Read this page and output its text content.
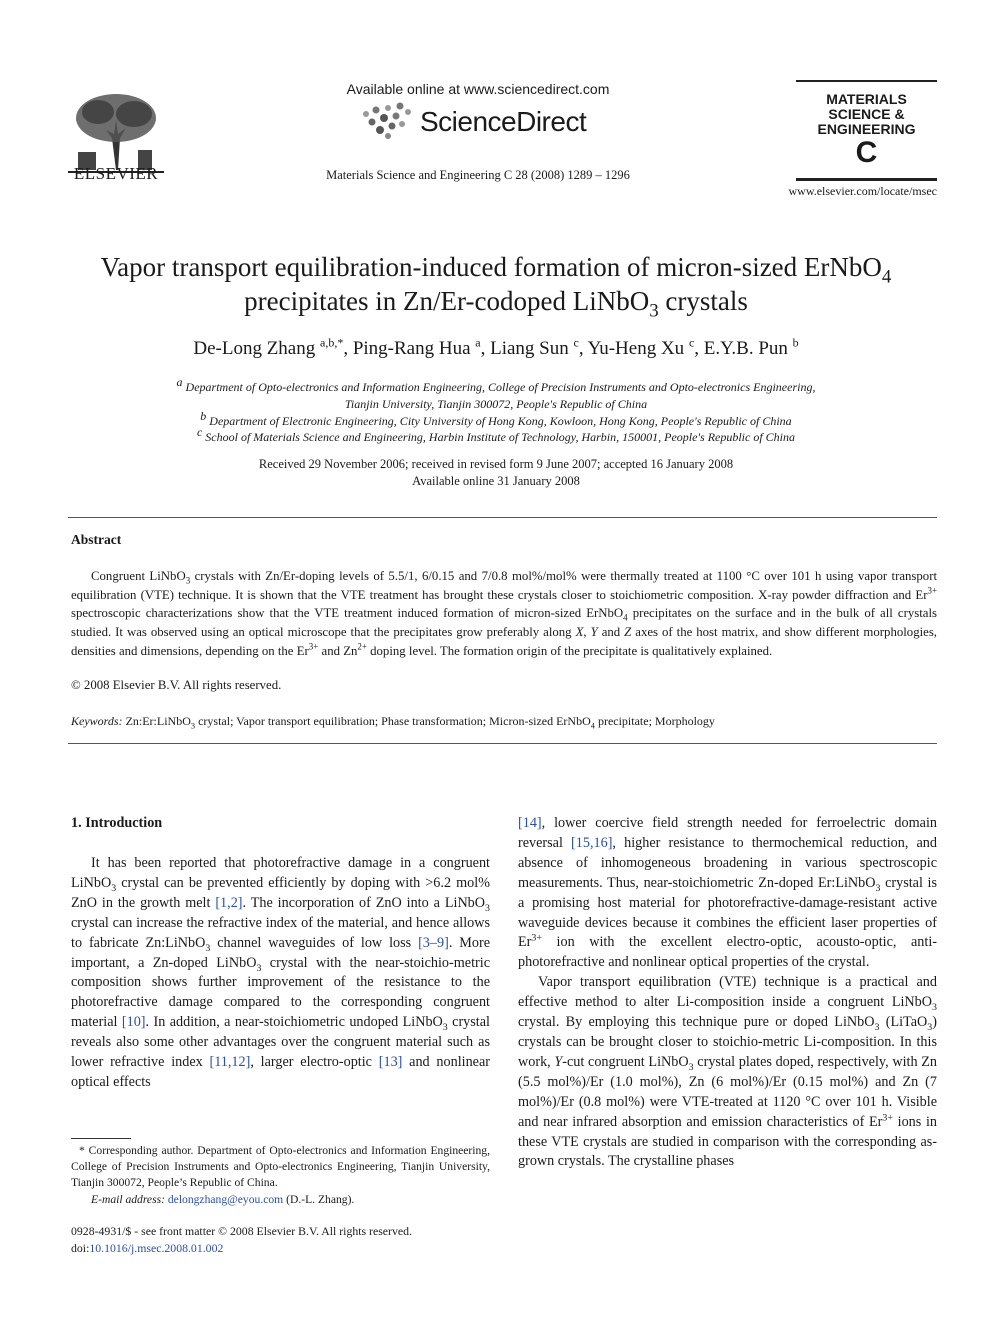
ELSEVIER
Available online at www.sciencedirect.com
ScienceDirect
Materials Science and Engineering C 28 (2008) 1289 – 1296
MATERIALS SCIENCE & ENGINEERING
C
www.elsevier.com/locate/msec
Vapor transport equilibration-induced formation of micron-sized ErNbO$_4$
precipitates in Zn/Er-codoped LiNbO$_3$ crystals
De-Long Zhang $^{a,b,*}$, Ping-Rang Hua $^a$, Liang Sun $^c$, Yu-Heng Xu $^c$, E.Y.B. Pun $^b$
$^a$ Department of Opto-electronics and Information Engineering, College of Precision Instruments and Opto-electronics Engineering,
Tianjin University, Tianjin 300072, People's Republic of China
$^b$ Department of Electronic Engineering, City University of Hong Kong, Kowloon, Hong Kong, People's Republic of China
$^c$ School of Materials Science and Engineering, Harbin Institute of Technology, Harbin, 150001, People's Republic of China
Received 29 November 2006; received in revised form 9 June 2007; accepted 16 January 2008
Available online 31 January 2008
Abstract

Congruent LiNbO$_3$ crystals with Zn/Er-doping levels of 5.5/1, 6/0.15 and 7/0.8 mol%/mol% were thermally treated at 1100 °C over 101 h using vapor transport equilibration (VTE) technique. It is shown that the VTE treatment has brought these crystals closer to stoichiometric composition. X-ray powder diffraction and $Er^{3+}$ spectroscopic characterizations show that the VTE treatment induced formation of micron-sized ErNbO$_4$ precipitates on the surface and in the bulk of all crystals studied. It was observed using an optical microscope that the precipitates grow preferably along X, Y and Z axes of the host matrix, and show different morphologies, densities and dimensions, depending on the $Er^{3+}$ and $Zn^{2+}$ doping level. The formation origin of the precipitate is qualitatively explained.

© 2008 Elsevier B.V. All rights reserved.
Keywords: Zn:Er:LiNbO$_3$ crystal; Vapor transport equilibration; Phase transformation; Micron-sized ErNbO$_4$ precipitate; Morphology
1. Introduction

It has been reported that photorefractive damage in a congruent LiNbO$_3$ crystal can be prevented efficiently by doping with >6.2 mol% ZnO in the growth melt [1,2]. The incorporation of ZnO into a LiNbO$_3$ crystal can increase the refractive index of the material, and hence allows to fabricate Zn:LiNbO$_3$ channel waveguides of low loss [3–9]. More important, a Zn-doped LiNbO$_3$ crystal with the near-stoichio-metric composition shows further improvement of the resistance to the photorefractive damage compared to the corresponding congruent material [10]. In addition, a near-stoichiometric undoped LiNbO$_3$ crystal reveals also some other advantages over the congruent material such as lower refractive index [11,12], larger electro-optic [13] and nonlinear optical effects

[14], lower coercive field strength needed for ferroelectric domain reversal [15,16], higher resistance to thermochemical reduction, and absence of inhomogeneous broadening in various spectroscopic measurements. Thus, near-stoichiometric Zn-doped Er:LiNbO$_3$ crystal is a promising host material for photorefractive-damage-resistant active waveguide devices because it combines the efficient laser properties of $Er^{3+}$ ion with the excellent electro-optic, acousto-optic, anti-photorefractive and nonlinear optical properties of the crystal.

Vapor transport equilibration (VTE) technique is a practical and effective method to alter Li-composition inside a congruent LiNbO$_3$ crystal. By employing this technique pure or doped LiNbO$_3$ (LiTaO$_3$) crystals can be brought closer to stoichio-metric Li-composition. In this work, Y-cut congruent LiNbO$_3$ crystal plates doped, respectively, with Zn (5.5 mol%)/Er (1.0 mol%), Zn (6 mol%)/Er (0.15 mol%) and Zn (7 mol%)/Er (0.8 mol%) were VTE-treated at 1120 °C over 101 h. Visible and near infrared absorption and emission characteristics of $Er^{3+}$ ions in these VTE crystals are studied in comparison with the corresponding as-grown crystals. The crystalline phases

* Corresponding author. Department of Opto-electronics and Information Engineering, College of Precision Instruments and Opto-electronics Engineering, Tianjin University, Tianjin 300072, People’s Republic of China.

E-mail address: delongzhang@eyou.com (D.-L. Zhang).

0928-4931/$ - see front matter © 2008 Elsevier B.V. All rights reserved.
doi:10.1016/j.msec.2008.01.002
